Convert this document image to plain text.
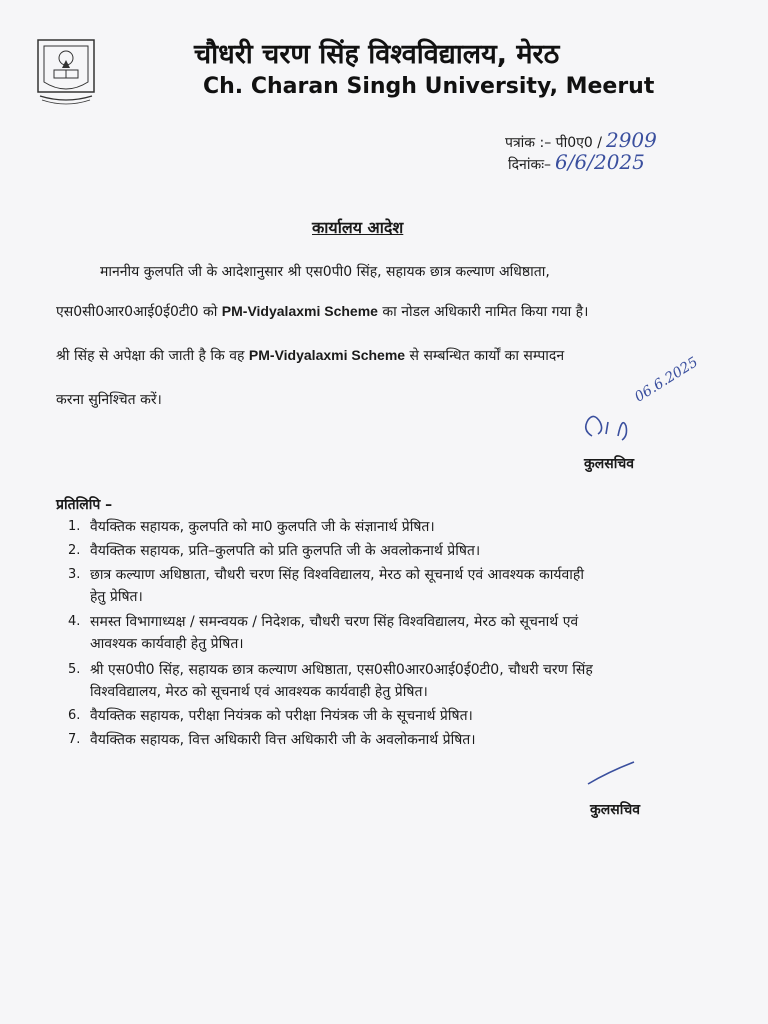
चौधरी चरण सिंह विश्वविद्यालय, मेरठ
Ch. Charan Singh University, Meerut
पत्रांक :– पी0ए0 / 2909
दिनांकः– 6/6/2025
कार्यालय आदेश
माननीय कुलपति जी के आदेशानुसार श्री एस0पी0 सिंह, सहायक छात्र कल्याण अधिष्ठाता,
एस0सी0आर0आई0ई0टी0 को PM-Vidyalaxmi Scheme का नोडल अधिकारी नामित किया गया है।
श्री सिंह से अपेक्षा की जाती है कि वह PM-Vidyalaxmi Scheme से सम्बन्धित कार्यों का सम्पादन
करना सुनिश्चित करें।	06.6.2025
कुलसचिव
प्रतिलिपि –
1. वैयक्तिक सहायक, कुलपति को मा0 कुलपति जी के संज्ञानार्थ प्रेषित।
2. वैयक्तिक सहायक, प्रति–कुलपति को प्रति कुलपति जी के अवलोकनार्थ प्रेषित।
3. छात्र कल्याण अधिष्ठाता, चौधरी चरण सिंह विश्वविद्यालय, मेरठ को सूचनार्थ एवं आवश्यक कार्यवाही
हेतु प्रेषित।
4. समस्त विभागाध्यक्ष / समन्वयक / निदेशक, चौधरी चरण सिंह विश्वविद्यालय, मेरठ को सूचनार्थ एवं
आवश्यक कार्यवाही हेतु प्रेषित।
5. श्री एस0पी0 सिंह, सहायक छात्र कल्याण अधिष्ठाता, एस0सी0आर0आई0ई0टी0, चौधरी चरण सिंह
विश्वविद्यालय, मेरठ को सूचनार्थ एवं आवश्यक कार्यवाही हेतु प्रेषित।
6. वैयक्तिक सहायक, परीक्षा नियंत्रक को परीक्षा नियंत्रक जी के सूचनार्थ प्रेषित।
7. वैयक्तिक सहायक, वित्त अधिकारी वित्त अधिकारी जी के अवलोकनार्थ प्रेषित।
कुलसचिव
